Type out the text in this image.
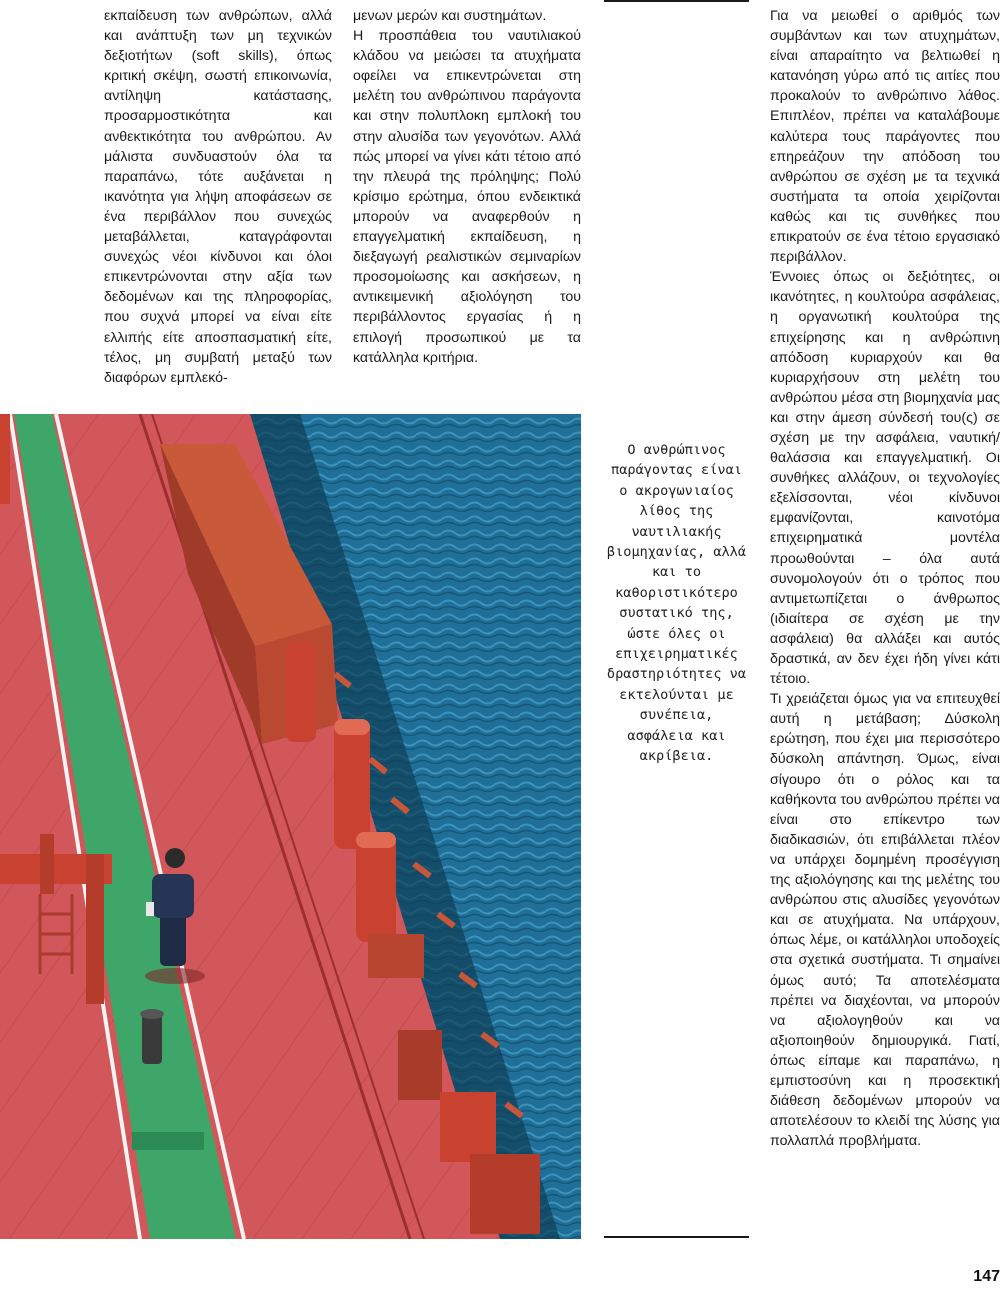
εκπαίδευση των ανθρώπων, αλλά και ανάπτυξη των μη τεχνικών δεξιοτήτων (soft skills), όπως κριτική σκέψη, σωστή επικοινωνία, αντίληψη κατάστασης, προσαρμοστικότητα και ανθεκτικότητα του ανθρώπου. Αν μάλιστα συνδυαστούν όλα τα παραπάνω, τότε αυξάνεται η ικανότητα για λήψη αποφάσεων σε ένα περιβάλλον που συνεχώς μεταβάλλεται, καταγράφονται συνεχώς νέοι κίνδυνοι και όλοι επικεντρώνονται στην αξία των δεδομένων και της πληροφορίας, που συχνά μπορεί να είναι είτε ελλιπής είτε αποσπασματική είτε, τέλος, μη συμβατή μεταξύ των διαφόρων εμπλεκό-

μενων μερών και συστημάτων.

Η προσπάθεια του ναυτιλιακού κλάδου να μειώσει τα ατυχήματα οφείλει να επικεντρώνεται στη μελέτη του ανθρώπινου παράγοντα και στην πολυπλοκη εμπλοκή του στην αλυσίδα των γεγονότων. Αλλά πώς μπορεί να γίνει κάτι τέτοιο από την πλευρά της πρόληψης; Πολύ κρίσιμο ερώτημα, όπου ενδεικτικά μπορούν να αναφερθούν η επαγγελματική εκπαίδευση, η διεξαγωγή ρεαλιστικών σεμιναρίων προσομοίωσης και ασκήσεων, η αντικειμενική αξιολόγηση του περιβάλλοντος εργασίας ή η επιλογή προσωπικού με τα κατάλληλα κριτήρια.

Ο ανθρώπινος παράγοντας είναι ο ακρογωνιαίος λίθος της ναυτιλιακής βιομηχανίας, αλλά και το καθοριστικότερο συστατικό της, ώστε όλες οι επιχειρηματικές δραστηριότητες να εκτελούνται με συνέπεια, ασφάλεια και ακρίβεια.

Για να μειωθεί ο αριθμός των συμβάντων και των ατυχημάτων, είναι απαραίτητο να βελτιωθεί η κατανόηση γύρω από τις αιτίες που προκαλούν το ανθρώπινο λάθος. Επιπλέον, πρέπει να καταλάβουμε καλύτερα τους παράγοντες που επηρεάζουν την απόδοση του ανθρώπου σε σχέση με τα τεχνικά συστήματα τα οποία χειρίζονται καθώς και τις συνθήκες που επικρατούν σε ένα τέτοιο εργασιακό περιβάλλον.

Έννοιες όπως οι δεξιότητες, οι ικανότητες, η κουλτούρα ασφάλειας, η οργανωτική κουλτούρα της επιχείρησης και η ανθρώπινη απόδοση κυριαρχούν και θα κυριαρχήσουν στη μελέτη του ανθρώπου μέσα στη βιομηχανία μας και στην άμεση σύνδεσή του(ς) σε σχέση με την ασφάλεια, ναυτική/θαλάσσια και επαγγελματική. Οι συνθήκες αλλάζουν, οι τεχνολογίες εξελίσσονται, νέοι κίνδυνοι εμφανίζονται, καινοτόμα επιχειρηματικά μοντέλα προωθούνται – όλα αυτά συνομολογούν ότι ο τρόπος που αντιμετωπίζεται ο άνθρωπος (ιδιαίτερα σε σχέση με την ασφάλεια) θα αλλάξει και αυτός δραστικά, αν δεν έχει ήδη γίνει κάτι τέτοιο.

Τι χρειάζεται όμως για να επιτευχθεί αυτή η μετάβαση; Δύσκολη ερώτηση, που έχει μια περισσότερο δύσκολη απάντηση. Όμως, είναι σίγουρο ότι ο ρόλος και τα καθήκοντα του ανθρώπου πρέπει να είναι στο επίκεντρο των διαδικασιών, ότι επιβάλλεται πλέον να υπάρχει δομημένη προσέγγιση της αξιολόγησης και της μελέτης του ανθρώπου στις αλυσίδες γεγονότων και σε ατυχήματα. Να υπάρχουν, όπως λέμε, οι κατάλληλοι υποδοχείς στα σχετικά συστήματα. Τι σημαίνει όμως αυτό; Τα αποτελέσματα πρέπει να διαχέονται, να μπορούν να αξιολογηθούν και να αξιοποιηθούν δημιουργικά. Γιατί, όπως είπαμε και παραπάνω, η εμπιστοσύνη και η προσεκτική διάθεση δεδομένων μπορούν να αποτελέσουν το κλειδί της λύσης για πολλαπλά προβλήματα.

147
